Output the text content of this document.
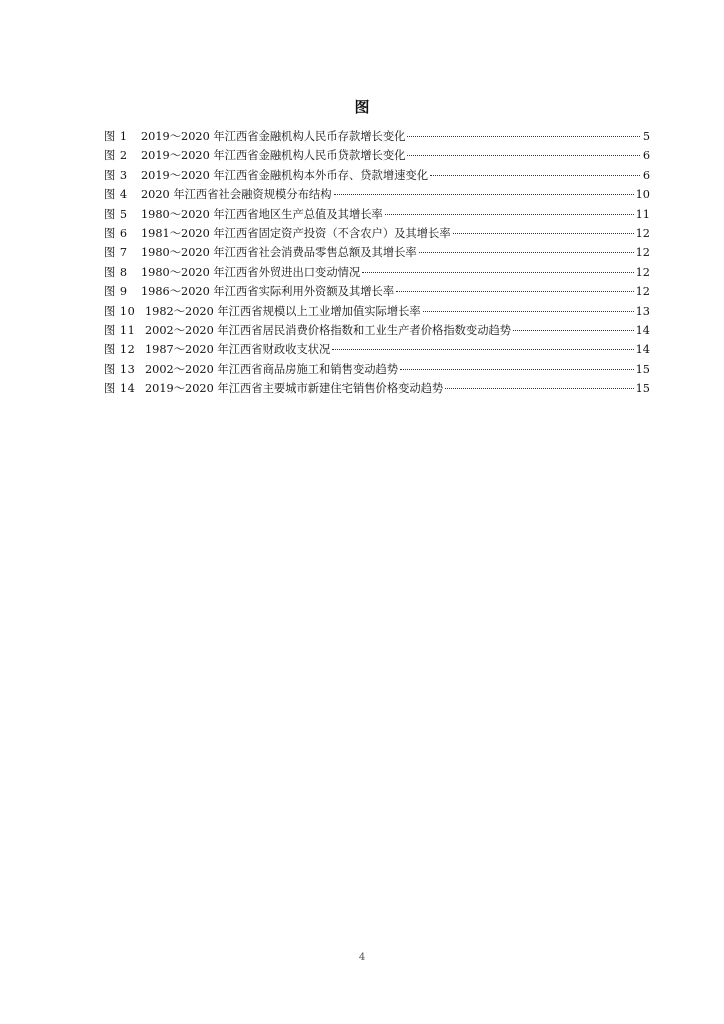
图
图 1	2019～2020 年江西省金融机构人民币存款增长变化	5
图 2	2019～2020 年江西省金融机构人民币贷款增长变化	6
图 3	2019～2020 年江西省金融机构本外币存、贷款增速变化	6
图 4	2020 年江西省社会融资规模分布结构	10
图 5	1980～2020 年江西省地区生产总值及其增长率	11
图 6	1981～2020 年江西省固定资产投资（不含农户）及其增长率	12
图 7	1980～2020 年江西省社会消费品零售总额及其增长率	12
图 8	1980～2020 年江西省外贸进出口变动情况	12
图 9	1986～2020 年江西省实际利用外资额及其增长率	12
图 10 1982～2020 年江西省规模以上工业增加值实际增长率	13
图 11 2002～2020 年江西省居民消费价格指数和工业生产者价格指数变动趋势	14
图 12 1987～2020 年江西省财政收支状况	14
图 13 2002～2020 年江西省商品房施工和销售变动趋势	15
图 14 2019～2020 年江西省主要城市新建住宅销售价格变动趋势	15
4
